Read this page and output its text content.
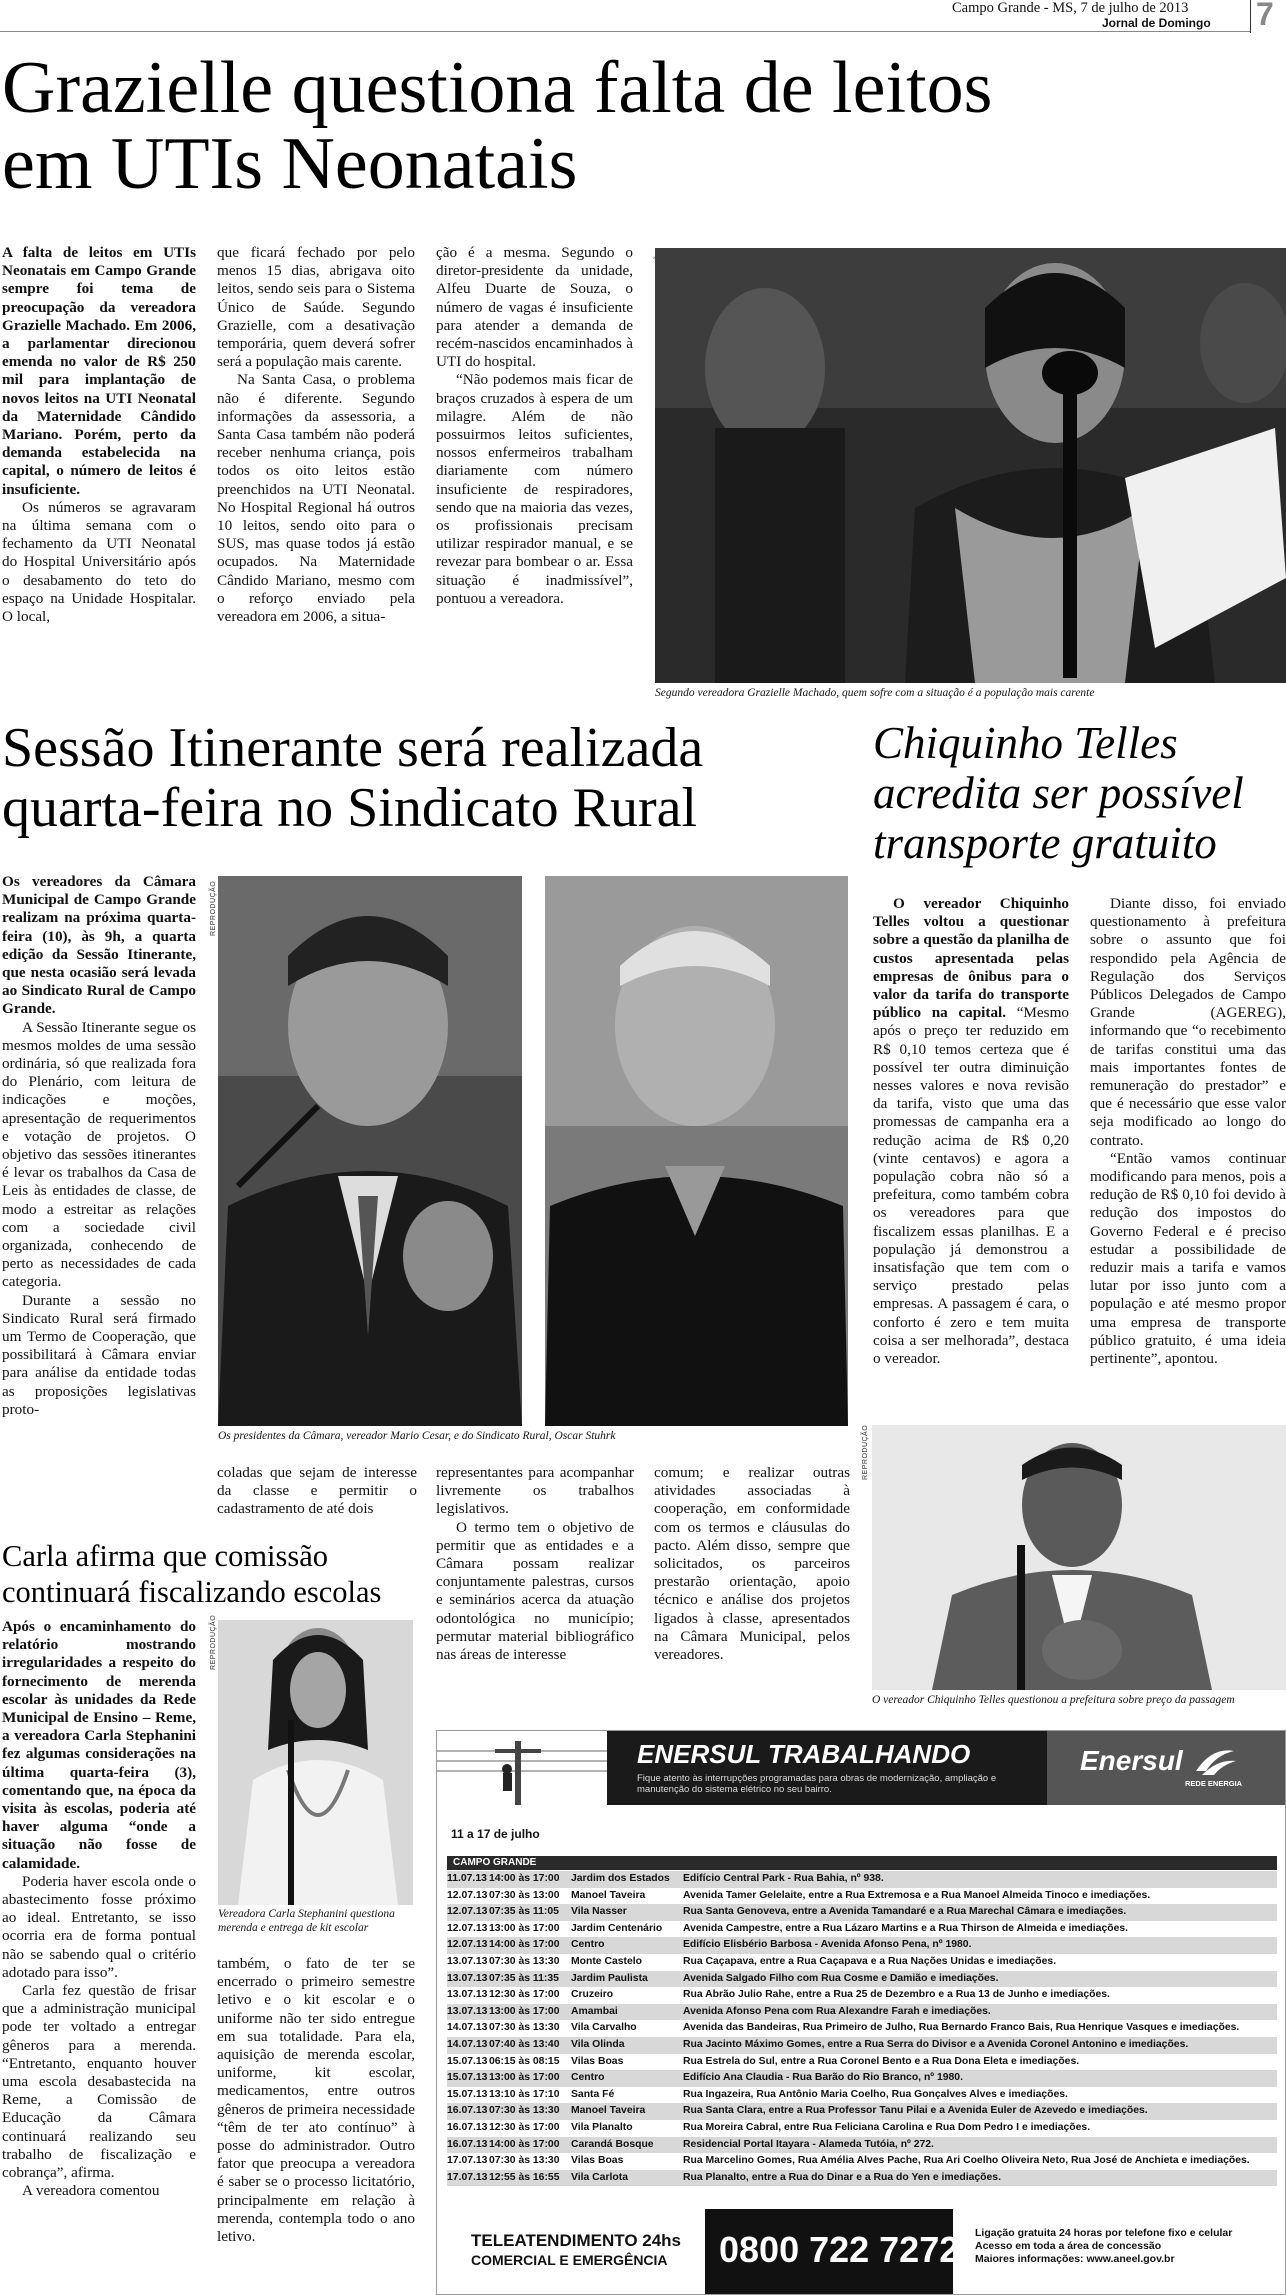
Campo Grande - MS, 7 de julho de 2013
Jornal de Domingo 7
Grazielle questiona falta de leitos
em UTIs Neonatais

A falta de leitos em UTIs Neonatais em Campo Grande sempre foi tema de preocupação da vereadora Grazielle Machado. Em 2006, a parlamentar direcionou emenda no valor de R$ 250 mil para implantação de novos leitos na UTI Neonatal da Maternidade Cândido Mariano. Porém, perto da demanda estabelecida na capital, o número de leitos é insuficiente.

Os números se agravaram na última semana com o fechamento da UTI Neonatal do Hospital Universitário após o desabamento do teto do espaço na Unidade Hospitalar. O local,

que ficará fechado por pelo menos 15 dias, abrigava oito leitos, sendo seis para o Sistema Único de Saúde. Segundo Grazielle, com a desativação temporária, quem deverá sofrer será a população mais carente.

Na Santa Casa, o problema não é diferente. Segundo informações da assessoria, a Santa Casa também não poderá receber nenhuma criança, pois todos os oito leitos estão preenchidos na UTI Neonatal. No Hospital Regional há outros 10 leitos, sendo oito para o SUS, mas quase todos já estão ocupados. Na Maternidade Cândido Mariano, mesmo com o reforço enviado pela vereadora em 2006, a situa-

ção é a mesma. Segundo o diretor-presidente da unidade, Alfeu Duarte de Souza, o número de vagas é insuficiente para atender a demanda de recém-nascidos encaminhados à UTI do hospital.

“Não podemos mais ficar de braços cruzados à espera de um milagre. Além de não possuirmos leitos suficientes, nossos enfermeiros trabalham diariamente com número insuficiente de respiradores, sendo que na maioria das vezes, os profissionais precisam utilizar respirador manual, e se revezar para bombear o ar. Essa situação é inadmissível”, pontuou a vereadora.

Segundo vereadora Grazielle Machado, quem sofre com a situação é a população mais carente
Sessão Itinerante será realizada
quarta-feira no Sindicato Rural

Os vereadores da Câmara Municipal de Campo Grande realizam na próxima quarta-feira (10), às 9h, a quarta edição da Sessão Itinerante, que nesta ocasião será levada ao Sindicato Rural de Campo Grande.

A Sessão Itinerante segue os mesmos moldes de uma sessão ordinária, só que realizada fora do Plenário, com leitura de indicações e moções, apresentação de requerimentos e votação de projetos. O objetivo das sessões itinerantes é levar os trabalhos da Casa de Leis às entidades de classe, de modo a estreitar as relações com a sociedade civil organizada, conhecendo de perto as necessidades de cada categoria.

Durante a sessão no Sindicato Rural será firmado um Termo de Cooperação, que possibilitará à Câmara enviar para análise da entidade todas as proposições legislativas proto-

REPRODUÇÃO
Os presidentes da Câmara, vereador Mario Cesar, e do Sindicato Rural, Oscar Stuhrk

coladas que sejam de interesse da classe e permitir o cadastramento de até dois

representantes para acompanhar livremente os trabalhos legislativos.

O termo tem o objetivo de permitir que as entidades e a Câmara possam realizar conjuntamente palestras, cursos e seminários acerca da atuação odontológica no município; permutar material bibliográfico nas áreas de interesse

comum; e realizar outras atividades associadas à cooperação, em conformidade com os termos e cláusulas do pacto. Além disso, sempre que solicitados, os parceiros prestarão orientação, apoio técnico e análise dos projetos ligados à classe, apresentados na Câmara Municipal, pelos vereadores.

Chiquinho Telles
acredita ser possível
transporte gratuito

O vereador Chiquinho Telles voltou a questionar sobre a questão da planilha de custos apresentada pelas empresas de ônibus para o valor da tarifa do transporte público na capital. “Mesmo após o preço ter reduzido em R$ 0,10 temos certeza que é possível ter outra diminuição nesses valores e nova revisão da tarifa, visto que uma das promessas de campanha era a redução acima de R$ 0,20 (vinte centavos) e agora a população cobra não só a prefeitura, como também cobra os vereadores para que fiscalizem essas planilhas. E a população já demonstrou a insatisfação que tem com o serviço prestado pelas empresas. A passagem é cara, o conforto é zero e tem muita coisa a ser melhorada”, destaca o vereador.

Diante disso, foi enviado questionamento à prefeitura sobre o assunto que foi respondido pela Agência de Regulação dos Serviços Públicos Delegados de Campo Grande (AGEREG), informando que “o recebimento de tarifas constitui uma das mais importantes fontes de remuneração do prestador” e que é necessário que esse valor seja modificado ao longo do contrato.

“Então vamos continuar modificando para menos, pois a redução de R$ 0,10 foi devido à redução dos impostos do Governo Federal e é preciso estudar a possibilidade de reduzir mais a tarifa e vamos lutar por isso junto com a população e até mesmo propor uma empresa de transporte público gratuito, é uma ideia pertinente”, apontou.

REPRODUÇÃO
O vereador Chiquinho Telles questionou a prefeitura sobre preço da passagem
Carla afirma que comissão
continuará fiscalizando escolas

Após o encaminhamento do relatório mostrando irregularidades a respeito do fornecimento de merenda escolar às unidades da Rede Municipal de Ensino – Reme, a vereadora Carla Stephanini fez algumas considerações na última quarta-feira (3), comentando que, na época da visita às escolas, poderia até haver alguma “onde a situação não fosse de calamidade.

Poderia haver escola onde o abastecimento fosse próximo ao ideal. Entretanto, se isso ocorria era de forma pontual não se sabendo qual o critério adotado para isso”.

Carla fez questão de frisar que a administração municipal pode ter voltado a entregar gêneros para a merenda. “Entretanto, enquanto houver uma escola desabastecida na Reme, a Comissão de Educação da Câmara continuará realizando seu trabalho de fiscalização e cobrança”, afirma.

A vereadora comentou

REPRODUÇÃO
Vereadora Carla Stephanini questiona merenda e entrega de kit escolar

também, o fato de ter se encerrado o primeiro semestre letivo e o kit escolar e o uniforme não ter sido entregue em sua totalidade. Para ela, aquisição de merenda escolar, uniforme, kit escolar, medicamentos, entre outros gêneros de primeira necessidade “têm de ter ato contínuo” à posse do administrador. Outro fator que preocupa a vereadora é saber se o processo licitatório, principalmente em relação à merenda, contempla todo o ano letivo.

ENERSUL TRABALHANDO
Fique atento às interrupções programadas para obras de modernização, ampliação e manutenção do sistema elétrico no seu bairro.
Enersul
REDE ENERGIA
11 a 17 de julho
CAMPO GRANDE
11.07.13 14:00 às 17:00	Jardim dos Estados	Edifício Central Park - Rua Bahia, nº 938.
12.07.13 07:30 às 13:00	Manoel Taveira	Avenida Tamer Gelelaite, entre a Rua Extremosa e a Rua Manoel Almeida Tinoco e imediações.
12.07.13 07:35 às 11:05	Vila Nasser	Rua Santa Genoveva, entre a Avenida Tamandaré e a Rua Marechal Câmara e imediações.
12.07.13 13:00 às 17:00	Jardim Centenário	Avenida Campestre, entre a Rua Lázaro Martins e a Rua Thirson de Almeida e imediações.
12.07.13 14:00 às 17:00	Centro	Edifício Elisbério Barbosa - Avenida Afonso Pena, nº 1980.
13.07.13 07:30 às 13:30	Monte Castelo	Rua Caçapava, entre a Rua Caçapava e a Rua Nações Unidas e imediações.
13.07.13 07:35 às 11:35	Jardim Paulista	Avenida Salgado Filho com Rua Cosme e Damião e imediações.
13.07.13 12:30 às 17:00	Cruzeiro	Rua Abrão Julio Rahe, entre a Rua 25 de Dezembro e a Rua 13 de Junho e imediações.
13.07.13 13:00 às 17:00	Amambai	Avenida Afonso Pena com Rua Alexandre Farah e imediações.
14.07.13 07:30 às 13:30	Vila Carvalho	Avenida das Bandeiras, Rua Primeiro de Julho, Rua Bernardo Franco Bais, Rua Henrique Vasques e imediações.
14.07.13 07:40 às 13:40	Vila Olinda	Rua Jacinto Máximo Gomes, entre a Rua Serra do Divisor e a Avenida Coronel Antonino e imediações.
15.07.13 06:15 às 08:15	Vilas Boas	Rua Estrela do Sul, entre a Rua Coronel Bento e a Rua Dona Eleta e imediações.
15.07.13 13:00 às 17:00	Centro	Edifício Ana Claudia - Rua Barão do Rio Branco, nº 1980.
15.07.13 13:10 às 17:10	Santa Fé	Rua Ingazeira, Rua Antônio Maria Coelho, Rua Gonçalves Alves e imediações.
16.07.13 07:30 às 13:30	Manoel Taveira	Rua Santa Clara, entre a Rua Professor Tanu Pilai e a Avenida Euler de Azevedo e imediações.
16.07.13 12:30 às 17:00	Vila Planalto	Rua Moreira Cabral, entre Rua Feliciana Carolina e Rua Dom Pedro I e imediações.
16.07.13 14:00 às 17:00	Carandá Bosque	Residencial Portal Itayara - Alameda Tutóia, nº 272.
17.07.13 07:30 às 13:30	Vilas Boas	Rua Marcelino Gomes, Rua Amélia Alves Pache, Rua Ari Coelho Oliveira Neto, Rua José de Anchieta e imediações.
17.07.13 12:55 às 16:55	Vila Carlota	Rua Planalto, entre a Rua do Dinar e a Rua do Yen e imediações.
TELEATENDIMENTO 24hs
COMERCIAL E EMERGÊNCIA 0800 722 7272 Ligação gratuita 24 horas por telefone fixo e celular
Acesso em toda a área de concessão
Maiores informações: www.aneel.gov.br
